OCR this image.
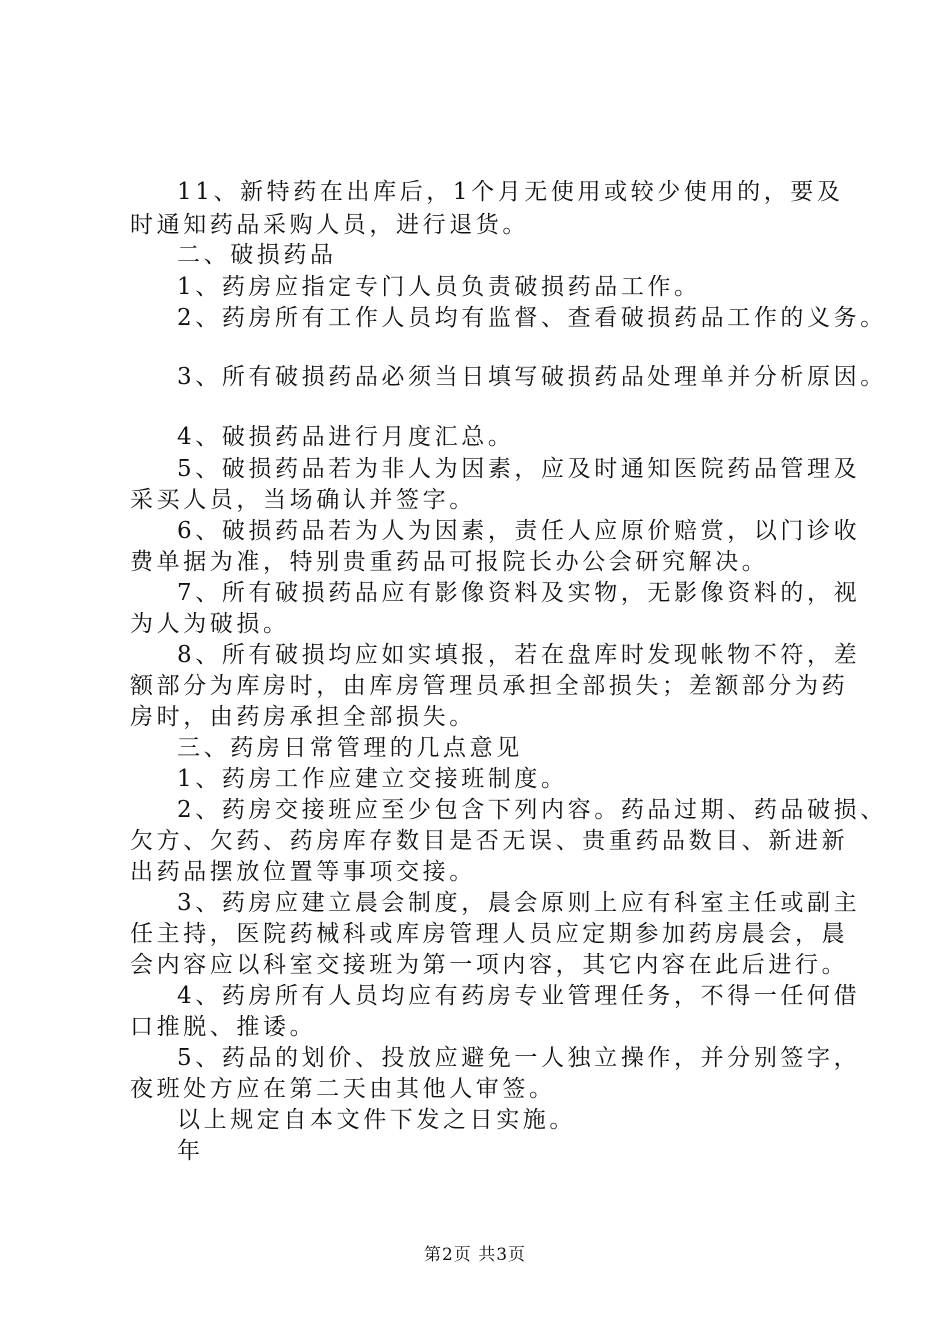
11、新特药在出库后，1个月无使用或较少使用的，要及
时通知药品采购人员，进行退货。
二、破损药品
1、药房应指定专门人员负责破损药品工作。
2、药房所有工作人员均有监督、查看破损药品工作的义务。
3、所有破损药品必须当日填写破损药品处理单并分析原因。
4、破损药品进行月度汇总。
5、破损药品若为非人为因素，应及时通知医院药品管理及
采买人员，当场确认并签字。
6、破损药品若为人为因素，责任人应原价赔赏，以门诊收
费单据为准，特别贵重药品可报院长办公会研究解决。
7、所有破损药品应有影像资料及实物，无影像资料的，视
为人为破损。
8、所有破损均应如实填报，若在盘库时发现帐物不符，差
额部分为库房时，由库房管理员承担全部损失；差额部分为药
房时，由药房承担全部损失。
三、药房日常管理的几点意见
1、药房工作应建立交接班制度。
2、药房交接班应至少包含下列内容。药品过期、药品破损、
欠方、欠药、药房库存数目是否无误、贵重药品数目、新进新
出药品摆放位置等事项交接。
3、药房应建立晨会制度，晨会原则上应有科室主任或副主
任主持，医院药械科或库房管理人员应定期参加药房晨会，晨
会内容应以科室交接班为第一项内容，其它内容在此后进行。
4、药房所有人员均应有药房专业管理任务，不得一任何借
口推脱、推诿。
5、药品的划价、投放应避免一人独立操作，并分别签字，
夜班处方应在第二天由其他人审签。
以上规定自本文件下发之日实施。
年
第2页 共3页
